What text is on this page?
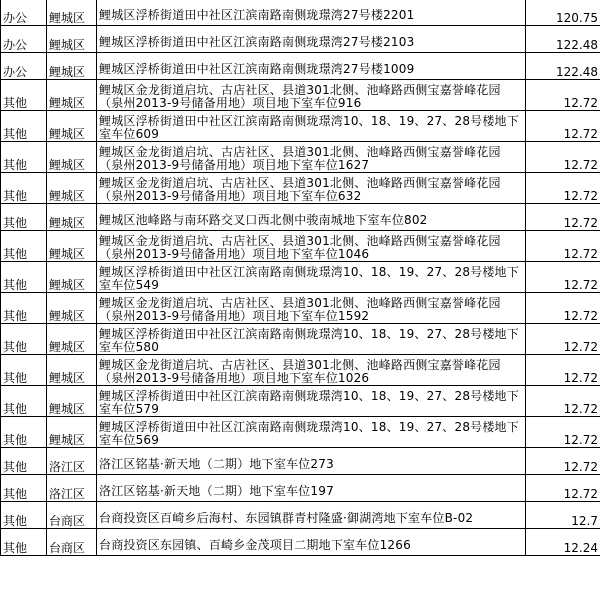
办公	鲤城区	鲤城区浮桥街道田中社区江滨南路南侧珑璟湾27号楼2201	120.75
办公	鲤城区	鲤城区浮桥街道田中社区江滨南路南侧珑璟湾27号楼2103	122.48
办公	鲤城区	鲤城区浮桥街道田中社区江滨南路南侧珑璟湾27号楼1009	122.48
其他	鲤城区	鲤城区金龙街道启坑、古店社区、县道301北侧、池峰路西侧宝嘉誉峰花园（泉州2013-9号储备用地）项目地下室车位916	12.72
其他	鲤城区	鲤城区浮桥街道田中社区江滨南路南侧珑璟湾10、18、19、27、28号楼地下室车位609	12.72
其他	鲤城区	鲤城区金龙街道启坑、古店社区、县道301北侧、池峰路西侧宝嘉誉峰花园（泉州2013-9号储备用地）项目地下室车位1627	12.72
其他	鲤城区	鲤城区金龙街道启坑、古店社区、县道301北侧、池峰路西侧宝嘉誉峰花园（泉州2013-9号储备用地）项目地下室车位632	12.72
其他	鲤城区	鲤城区池峰路与南环路交叉口西北侧中骏南城地下室车位802	12.72
其他	鲤城区	鲤城区金龙街道启坑、古店社区、县道301北侧、池峰路西侧宝嘉誉峰花园（泉州2013-9号储备用地）项目地下室车位1046	12.72
其他	鲤城区	鲤城区浮桥街道田中社区江滨南路南侧珑璟湾10、18、19、27、28号楼地下室车位549	12.72
其他	鲤城区	鲤城区金龙街道启坑、古店社区、县道301北侧、池峰路西侧宝嘉誉峰花园（泉州2013-9号储备用地）项目地下室车位1592	12.72
其他	鲤城区	鲤城区浮桥街道田中社区江滨南路南侧珑璟湾10、18、19、27、28号楼地下室车位580	12.72
其他	鲤城区	鲤城区金龙街道启坑、古店社区、县道301北侧、池峰路西侧宝嘉誉峰花园（泉州2013-9号储备用地）项目地下室车位1026	12.72
其他	鲤城区	鲤城区浮桥街道田中社区江滨南路南侧珑璟湾10、18、19、27、28号楼地下室车位579	12.72
其他	鲤城区	鲤城区浮桥街道田中社区江滨南路南侧珑璟湾10、18、19、27、28号楼地下室车位569	12.72
其他	洛江区	洛江区铭基·新天地（二期）地下室车位273	12.72
其他	洛江区	洛江区铭基·新天地（二期）地下室车位197	12.72
其他	台商区	台商投资区百崎乡后海村、东园镇群青村隆盛·御湖湾地下室车位B-02	12.7
其他	台商区	台商投资区东园镇、百崎乡金茂项目二期地下室车位1266	12.24
